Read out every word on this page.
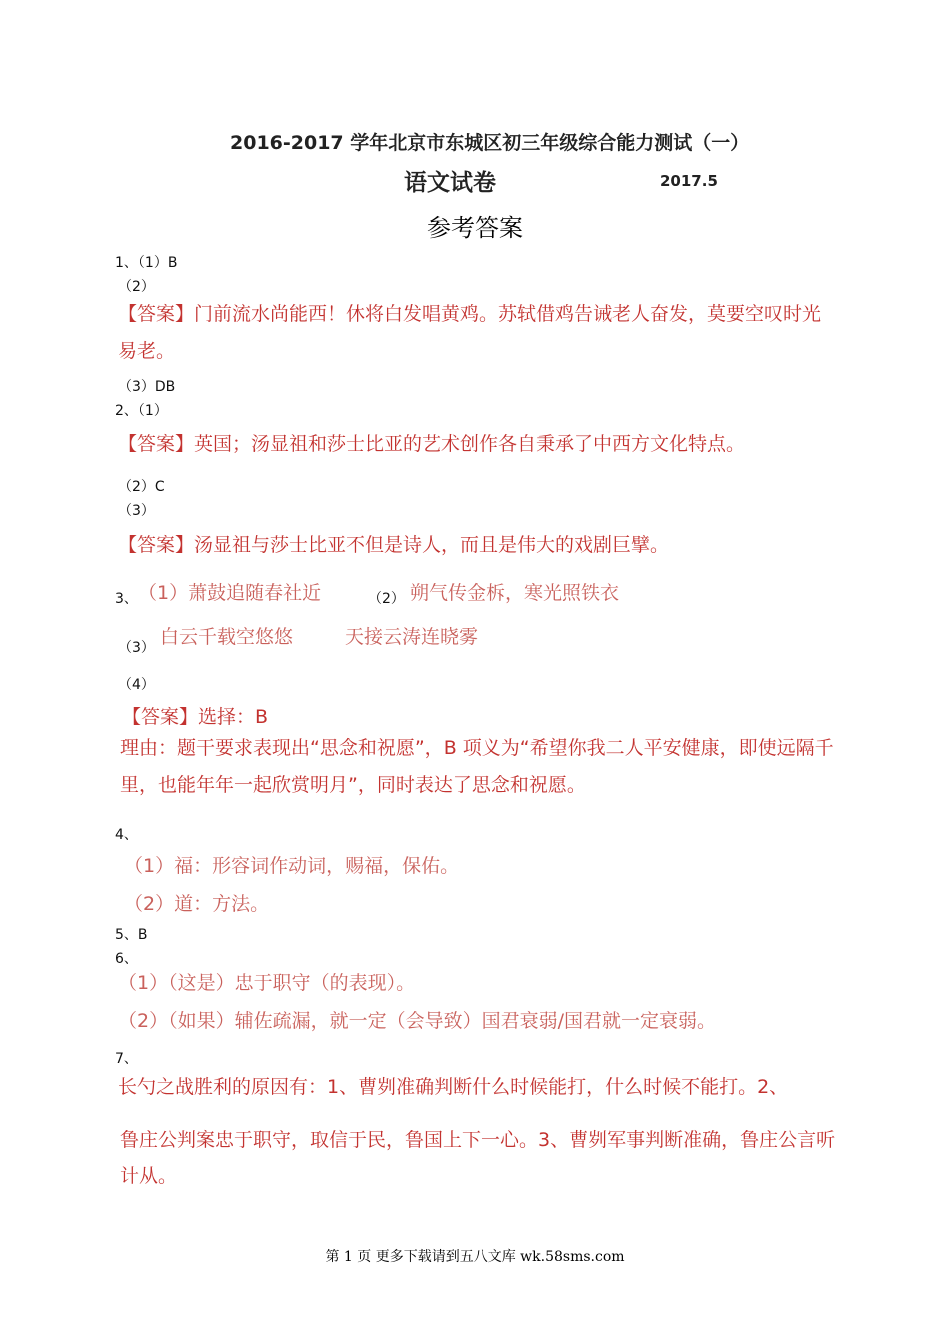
2016-2017 学年北京市东城区初三年级综合能力测试（一）
语文试卷	2017.5
参考答案
1、（1）B
（2）
【答案】门前流水尚能西！休将白发唱黄鸡。苏轼借鸡告诫老人奋发，莫要空叹时光易老。
（3）DB
2、（1）
【答案】英国；汤显祖和莎士比亚的艺术创作各自秉承了中西方文化特点。
（2）C
（3）
【答案】汤显祖与莎士比亚不但是诗人，而且是伟大的戏剧巨擘。
3、 （1）萧鼓追随春社近	（2） 朔气传金柝，寒光照铁衣
（3） 白云千载空悠悠	天接云涛连晓雾
（4）
【答案】选择：B
理由：题干要求表现出“思念和祝愿”，B 项义为“希望你我二人平安健康，即使远隔千里，也能年年一起欣赏明月”，同时表达了思念和祝愿。
4、
（1）福：形容词作动词，赐福，保佑。
（2）道：方法。
5、B
6、
（1）（这是）忠于职守（的表现）。
（2）（如果）辅佐疏漏，就一定（会导致）国君衰弱/国君就一定衰弱。
7、
长勺之战胜利的原因有：1、曹刿准确判断什么时候能打，什么时候不能打。2、
鲁庄公判案忠于职守，取信于民，鲁国上下一心。3、曹刿军事判断准确，鲁庄公言听计从。
第 1 页 更多下载请到五八文库 wk.58sms.com
